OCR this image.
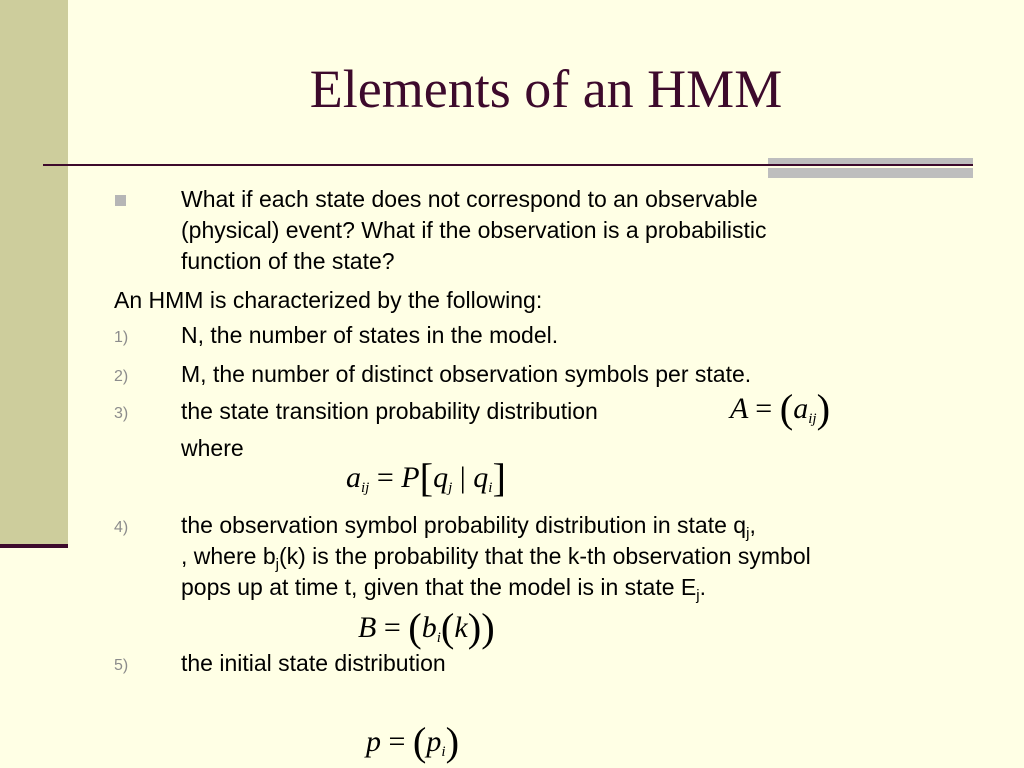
Elements of an HMM
What if each state does not correspond to an observable
(physical) event? What if the observation is a probabilistic
function of the state?
An HMM is characterized by the following:
1) N, the number of states in the model.
2) M, the number of distinct observation symbols per state.
3) the state transition probability distribution
where
$A = (a_{ij})$
$a_{ij} = P[q_j$ | $q_i$]
4) the observation symbol probability distribution in state $q_j$,
, where $b_j(k)$ is the probability that the k-th observation symbol
pops up at time t, given that the model is in state $E_j$.
$B = (b_i(k))$
5) the initial state distribution
$p = (p_i)$
